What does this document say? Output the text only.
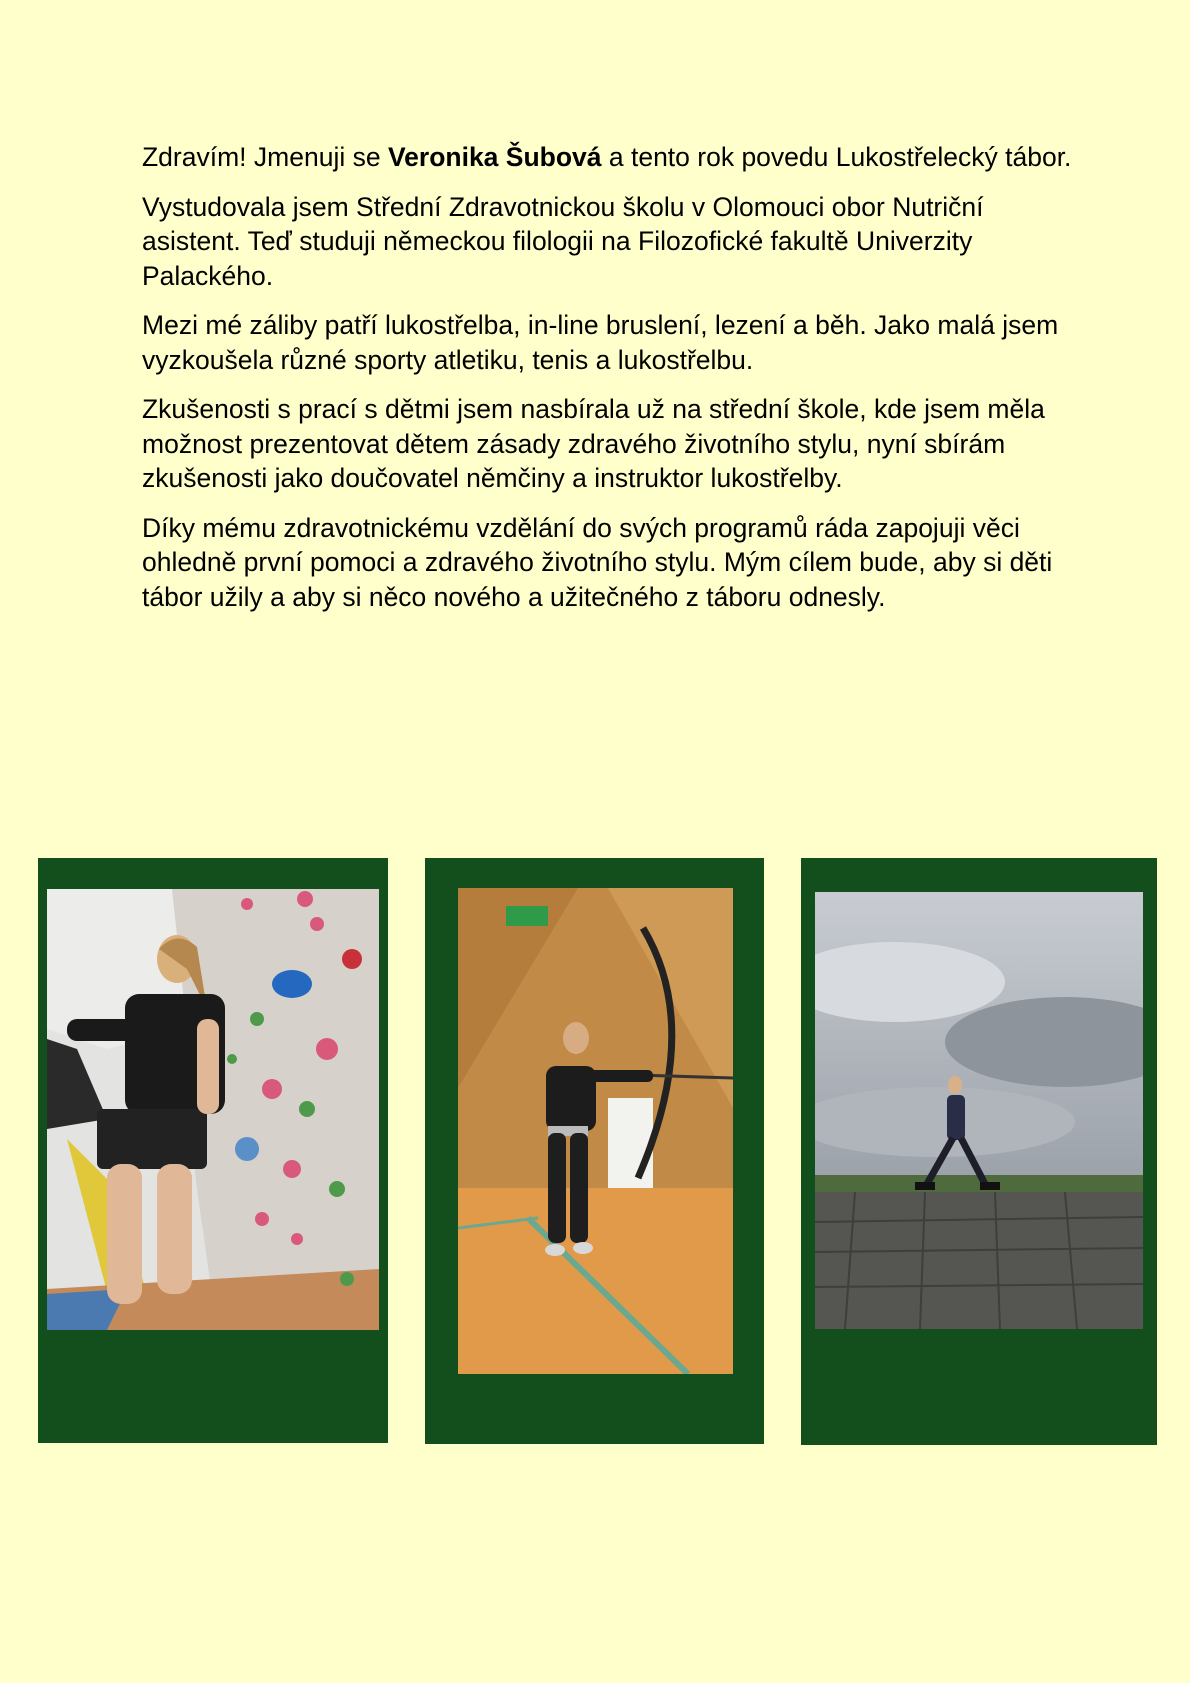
Zdravím! Jmenuji se Veronika Šubová a tento rok povedu Lukostřelecký tábor.

Vystudovala jsem Střední Zdravotnickou školu v Olomouci obor Nutriční asistent. Teď studuji německou filologii na Filozofické fakultě Univerzity Palackého.

Mezi mé záliby patří lukostřelba, in-line bruslení, lezení a běh. Jako malá jsem vyzkoušela různé sporty atletiku, tenis a lukostřelbu.

Zkušenosti s prací s dětmi jsem nasbírala už na střední škole, kde jsem měla možnost prezentovat dětem zásady zdravého životního stylu, nyní sbírám zkušenosti jako doučovatel němčiny a instruktor lukostřelby.

Díky mému zdravotnickému vzdělání do svých programů ráda zapojuji věci ohledně první pomoci a zdravého životního stylu. Mým cílem bude, aby si děti tábor užily a aby si něco nového a užitečného z táboru odnesly.
